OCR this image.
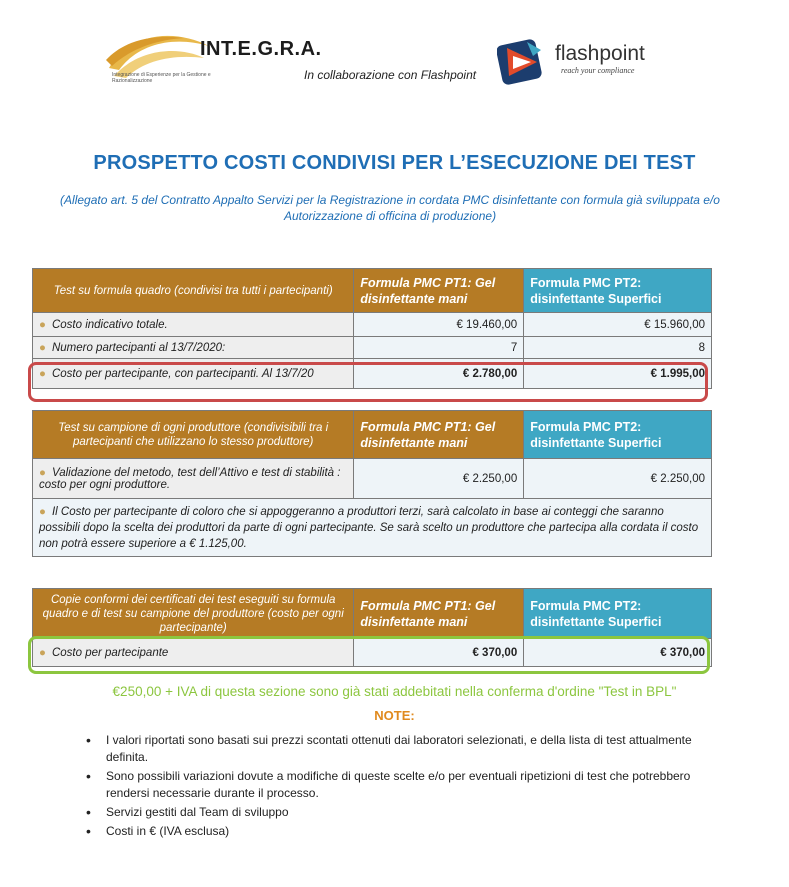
INT.E.G.R.A.
Integrazione di Esperienze per la Gestione e Razionalizzazione	In collaborazione con Flashpoint
flashpoint
reach your compliance
PROSPETTO COSTI CONDIVISI PER L’ESECUZIONE DEI TEST
(Allegato art. 5 del Contratto Appalto Servizi per la Registrazione in cordata PMC disinfettante con formula già sviluppata e/o Autorizzazione di officina di produzione)
Test su formula quadro (condivisi tra tutti i partecipanti)	Formula PMC PT1: Gel disinfettante mani	Formula PMC PT2: disinfettante Superfici
● Costo indicativo totale.	€ 19.460,00	€ 15.960,00
● Numero partecipanti al 13/7/2020:	7	8
● Costo per partecipante, con partecipanti. Al 13/7/20	€ 2.780,00	€ 1.995,00
Test su campione di ogni produttore (condivisibili tra i partecipanti che utilizzano lo stesso produttore)	Formula PMC PT1: Gel disinfettante mani	Formula PMC PT2: disinfettante Superfici
● Validazione del metodo, test dell’Attivo e test di stabilità : costo per ogni produttore.	€ 2.250,00	€ 2.250,00
● Il Costo per partecipante di coloro che si appoggeranno a produttori terzi, sarà calcolato in base ai conteggi che saranno possibili dopo la scelta dei produttori da parte di ogni partecipante. Se sarà scelto un produttore che partecipa alla cordata il costo non potrà essere superiore a € 1.125,00.		
Copie conformi dei certificati dei test eseguiti su formula quadro e di test su campione del produttore (costo per ogni partecipante)	Formula PMC PT1: Gel disinfettante mani	Formula PMC PT2: disinfettante Superfici
● Costo per partecipante	€ 370,00	€ 370,00
€250,00 + IVA di questa sezione sono già stati addebitati nella conferma d'ordine "Test in BPL"
NOTE:
• I valori riportati sono basati sui prezzi scontati ottenuti dai laboratori selezionati, e della lista di test attualmente definita.
• Sono possibili variazioni dovute a modifiche di queste scelte e/o per eventuali ripetizioni di test che potrebbero rendersi necessarie durante il processo.
• Servizi gestiti dal Team di sviluppo
• Costi in € (IVA esclusa)
